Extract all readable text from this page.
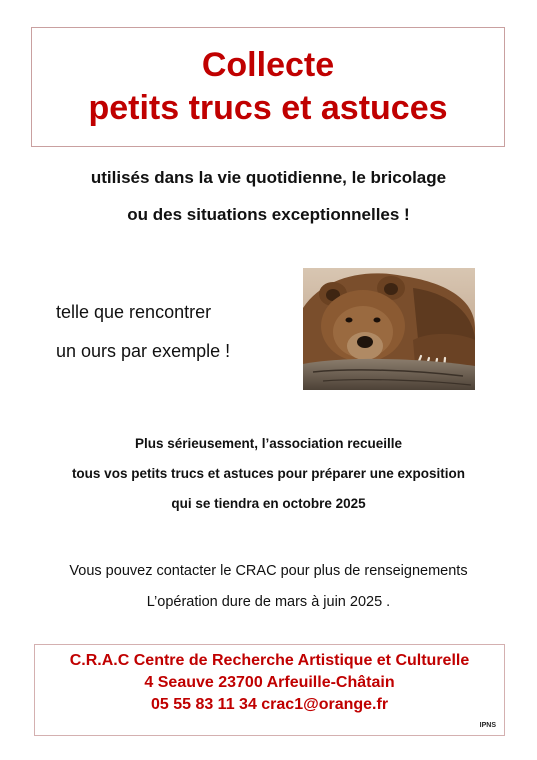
Collecte
petits trucs et astuces
utilisés dans la vie quotidienne, le bricolage
ou des situations exceptionnelles !
telle que rencontrer
un ours par exemple !
Plus sérieusement, l’association recueille
tous vos petits trucs et astuces pour préparer une exposition
qui se tiendra en octobre 2025
Vous pouvez contacter le CRAC pour plus de renseignements
L’opération dure de mars à juin 2025 .
C.R.A.C Centre de Recherche Artistique et Culturelle
4 Seauve 23700 Arfeuille-Châtain
05 55 83 11 34 crac1@orange.fr
IPNS
